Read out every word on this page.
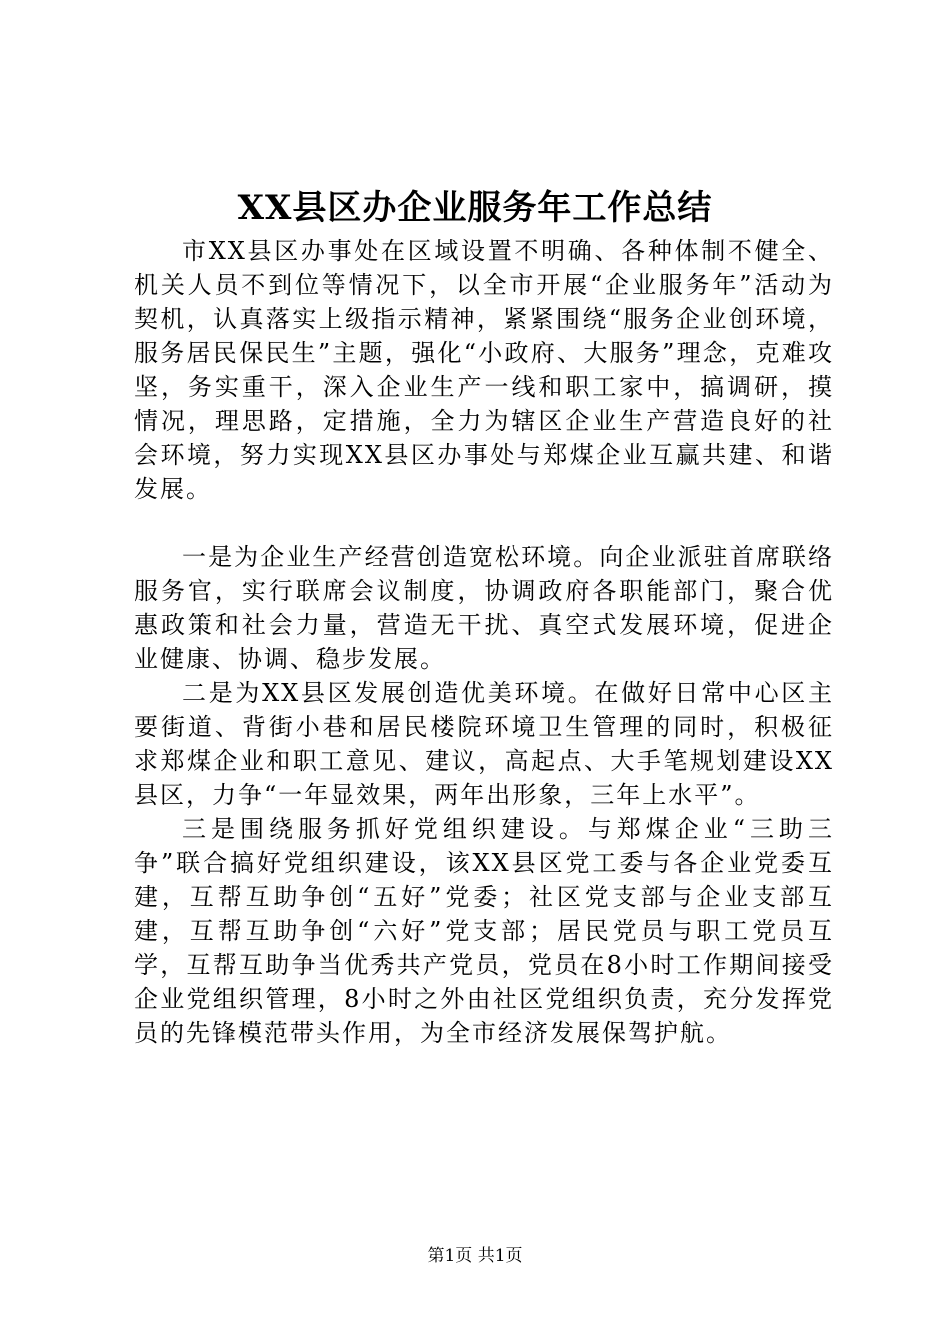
XX县区办企业服务年工作总结

市XX县区办事处在区域设置不明确、各种体制不健全、机关人员不到位等情况下，以全市开展“企业服务年”活动为契机，认真落实上级指示精神，紧紧围绕“服务企业创环境，服务居民保民生”主题，强化“小政府、大服务”理念，克难攻坚，务实重干，深入企业生产一线和职工家中，搞调研，摸情况，理思路，定措施，全力为辖区企业生产营造良好的社会环境，努力实现XX县区办事处与郑煤企业互赢共建、和谐发展。

一是为企业生产经营创造宽松环境。向企业派驻首席联络服务官，实行联席会议制度，协调政府各职能部门，聚合优惠政策和社会力量，营造无干扰、真空式发展环境，促进企业健康、协调、稳步发展。

二是为XX县区发展创造优美环境。在做好日常中心区主要街道、背街小巷和居民楼院环境卫生管理的同时，积极征求郑煤企业和职工意见、建议，高起点、大手笔规划建设XX县区，力争“一年显效果，两年出形象，三年上水平”。

三是围绕服务抓好党组织建设。与郑煤企业“三助三争”联合搞好党组织建设，该XX县区党工委与各企业党委互建，互帮互助争创“五好”党委；社区党支部与企业支部互建，互帮互助争创“六好”党支部；居民党员与职工党员互学，互帮互助争当优秀共产党员，党员在8小时工作期间接受企业党组织管理，8小时之外由社区党组织负责，充分发挥党员的先锋模范带头作用，为全市经济发展保驾护航。

第1页 共1页
